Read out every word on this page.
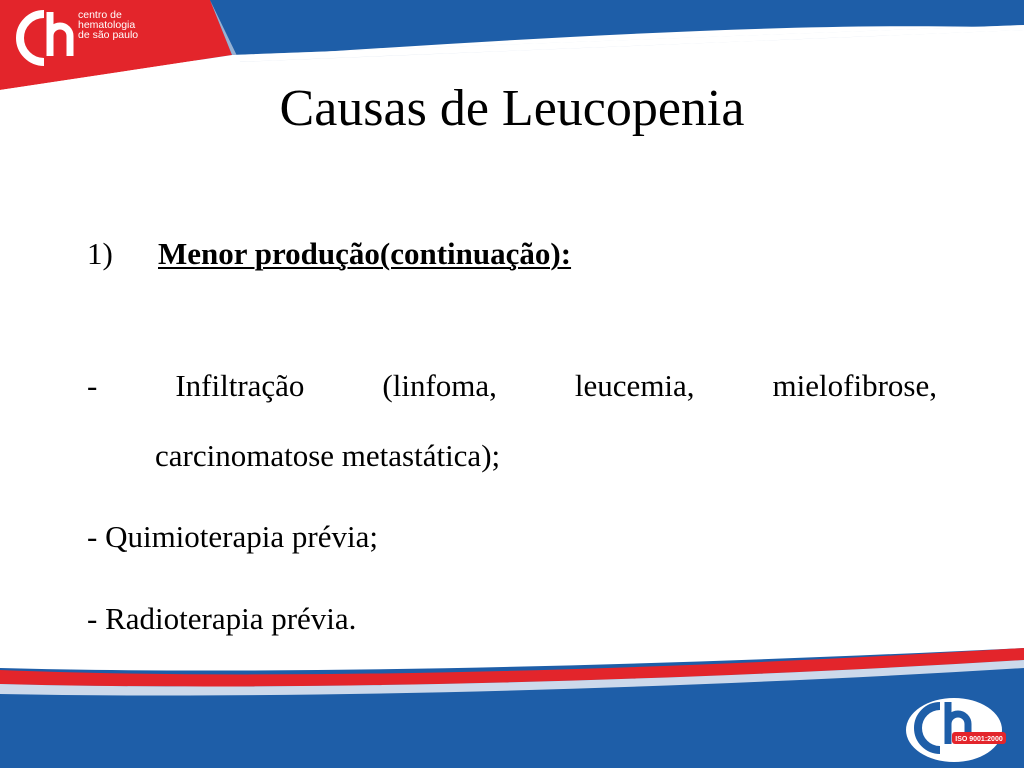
centro de
hematologia
de são paulo
Causas de Leucopenia
1) Menor produção(continuação):
- Infiltração (linfoma, leucemia, mielofibrose,
carcinomatose metastática);
- Quimioterapia prévia;
- Radioterapia prévia.
ISO 9001:2000
